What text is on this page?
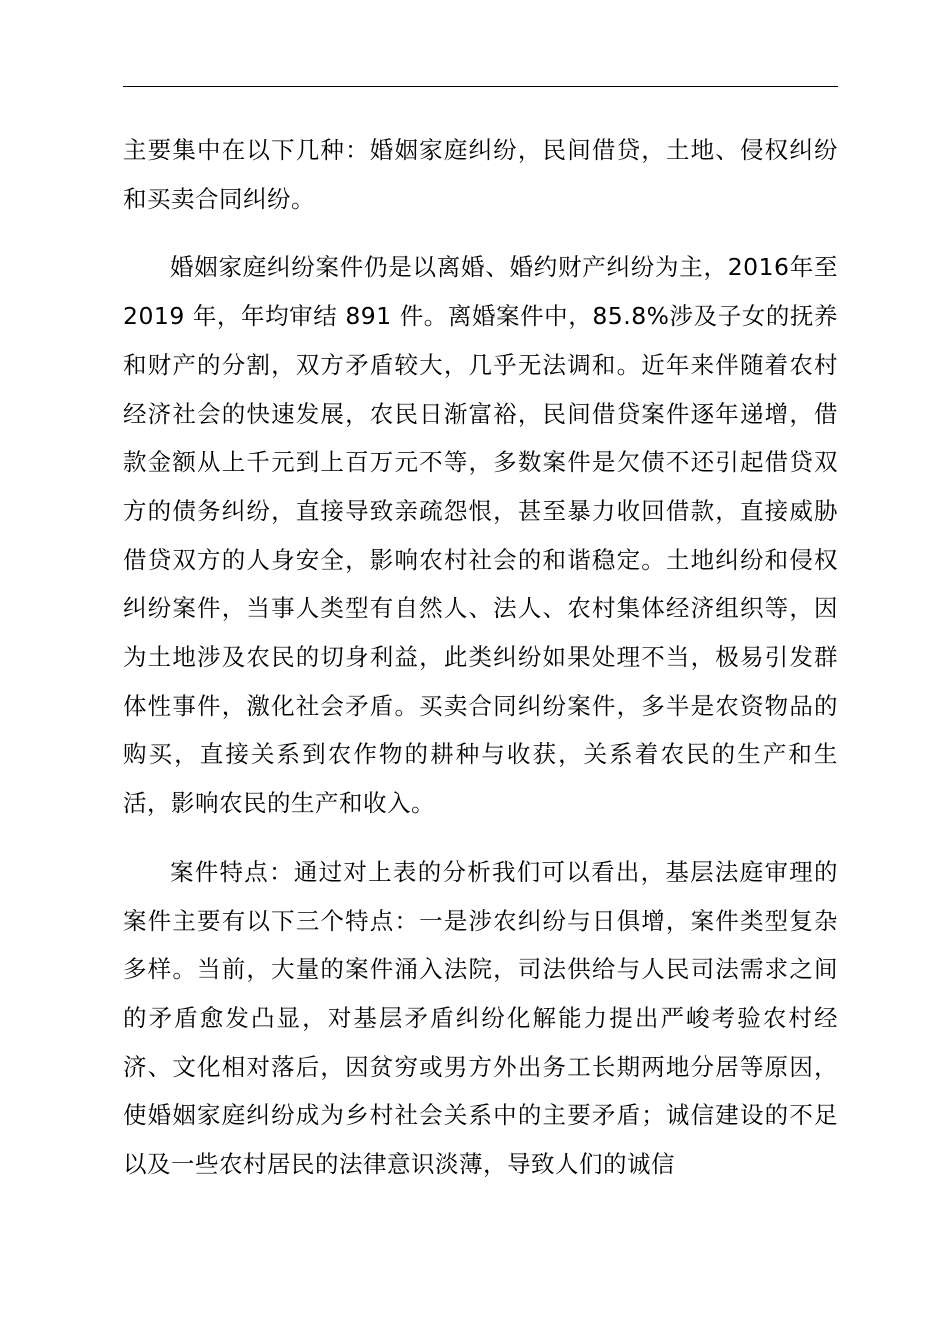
主要集中在以下几种：婚姻家庭纠纷，民间借贷，土地、侵权纠纷和买卖合同纠纷。

婚姻家庭纠纷案件仍是以离婚、婚约财产纠纷为主，2016年至 2019 年，年均审结 891 件。离婚案件中，85.8%涉及子女的抚养和财产的分割，双方矛盾较大，几乎无法调和。近年来伴随着农村经济社会的快速发展，农民日渐富裕，民间借贷案件逐年递增，借款金额从上千元到上百万元不等，多数案件是欠债不还引起借贷双方的债务纠纷，直接导致亲疏怨恨，甚至暴力收回借款，直接威胁借贷双方的人身安全，影响农村社会的和谐稳定。土地纠纷和侵权纠纷案件，当事人类型有自然人、法人、农村集体经济组织等，因为土地涉及农民的切身利益，此类纠纷如果处理不当，极易引发群体性事件，激化社会矛盾。买卖合同纠纷案件，多半是农资物品的购买，直接关系到农作物的耕种与收获，关系着农民的生产和生活，影响农民的生产和收入。

案件特点：通过对上表的分析我们可以看出，基层法庭审理的案件主要有以下三个特点：一是涉农纠纷与日俱增，案件类型复杂多样。当前，大量的案件涌入法院，司法供给与人民司法需求之间的矛盾愈发凸显，对基层矛盾纠纷化解能力提出严峻考验农村经济、文化相对落后，因贫穷或男方外出务工长期两地分居等原因，使婚姻家庭纠纷成为乡村社会关系中的主要矛盾；诚信建设的不足以及一些农村居民的法律意识淡薄，导致人们的诚信
